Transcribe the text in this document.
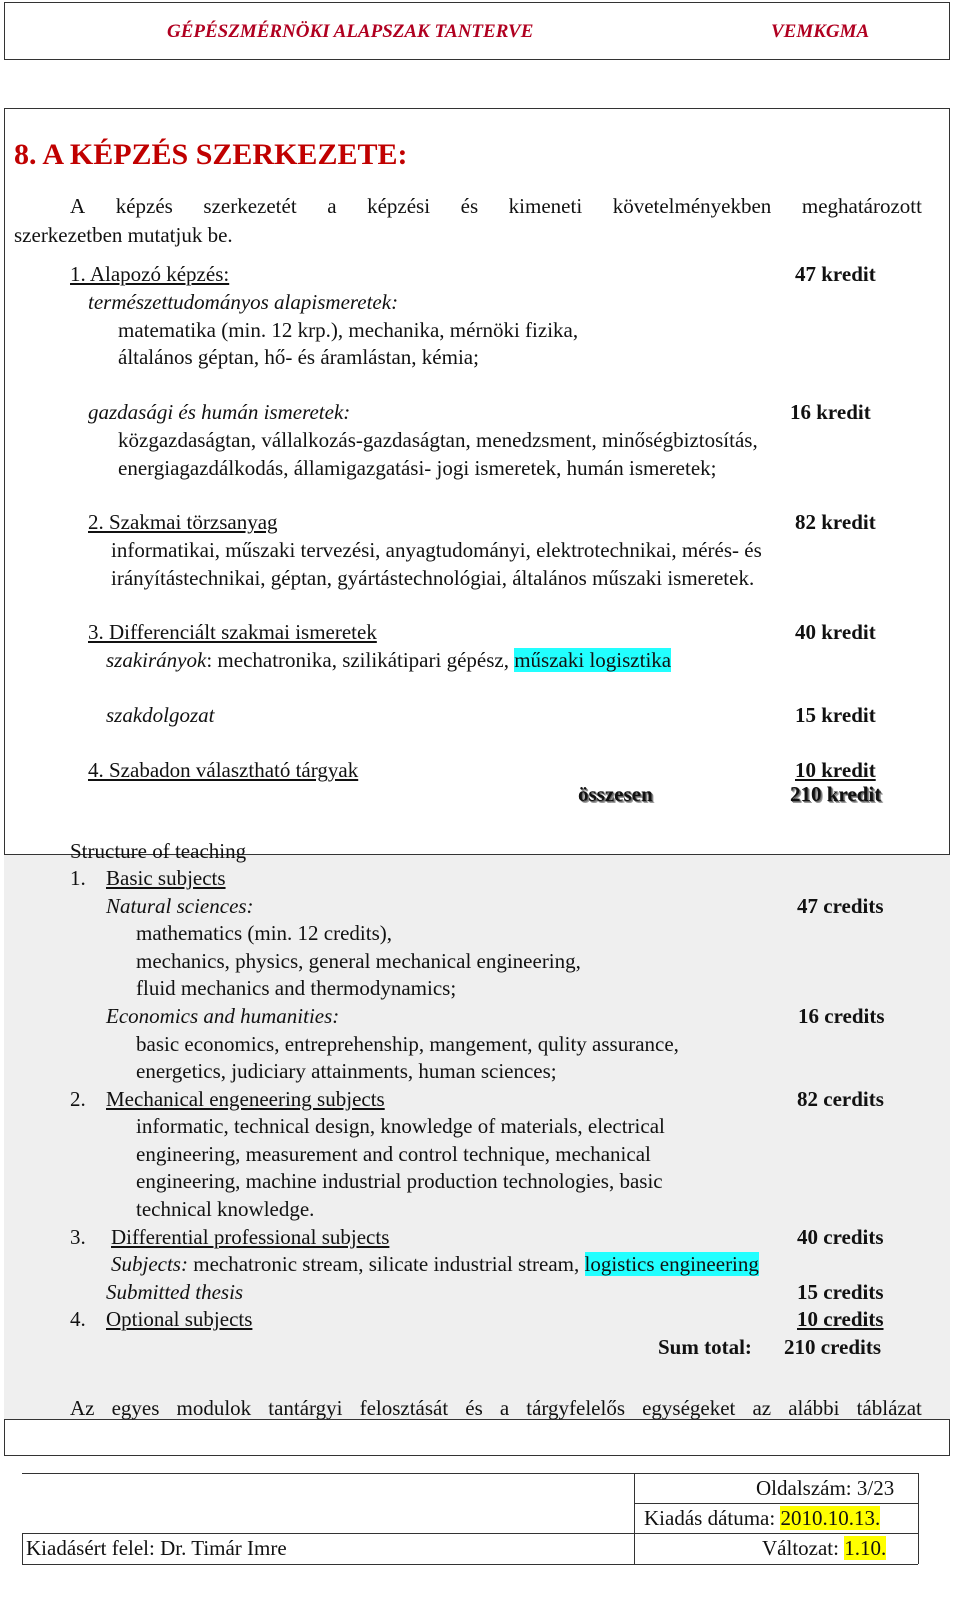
GÉPÉSZMÉRNÖKI ALAPSZAK TANTERVE	VEMKGMA
8. A KÉPZÉS SZERKEZETE:
A képzés szerkezetét a képzési és kimeneti követelményekben meghatározott
szerkezetben mutatjuk be.
1. Alapozó képzés:	47 kredit
természettudományos alapismeretek:
matematika (min. 12 krp.), mechanika, mérnöki fizika,
általános géptan, hő- és áramlástan, kémia;
gazdasági és humán ismeretek:	16 kredit
közgazdaságtan, vállalkozás-gazdaságtan, menedzsment, minőségbiztosítás,
energiagazdálkodás, államigazgatási- jogi ismeretek, humán ismeretek;
2. Szakmai törzsanyag	82 kredit
informatikai, műszaki tervezési, anyagtudományi, elektrotechnikai, mérés- és
irányítástechnikai, géptan, gyártástechnológiai, általános műszaki ismeretek.
3. Differenciált szakmai ismeretek	40 kredit
szakirányok: mechatronika, szilikátipari gépész, műszaki logisztika
szakdolgozat	15 kredit
4. Szabadon választható tárgyak	10 kredit
összesen	210 kredit
Structure of teaching
1. Basic subjects
Natural sciences:	47 credits
mathematics (min. 12 credits),
mechanics, physics, general mechanical engineering,
fluid mechanics and thermodynamics;
Economics and humanities:	16 credits
basic economics, entreprehenship, mangement, qulity assurance,
energetics, judiciary attainments, human sciences;
2. Mechanical engeneering subjects	82 cerdits
informatic, technical design, knowledge of materials, electrical
engineering, measurement and control technique, mechanical
engineering, machine industrial production technologies, basic
technical knowledge.
3. Differential professional subjects	40 credits
Subjects: mechatronic stream, silicate industrial stream, logistics engineering
Submitted thesis	15 credits
4. Optional subjects	10 credits
Sum total: 210 credits
Az egyes modulok tantárgyi felosztását és a tárgyfelelős egységeket az alábbi táblázat
Oldalszám: 3/23
Kiadás dátuma: 2010.10.13.
Kiadásért felel: Dr. Timár Imre	Változat: 1.10.
